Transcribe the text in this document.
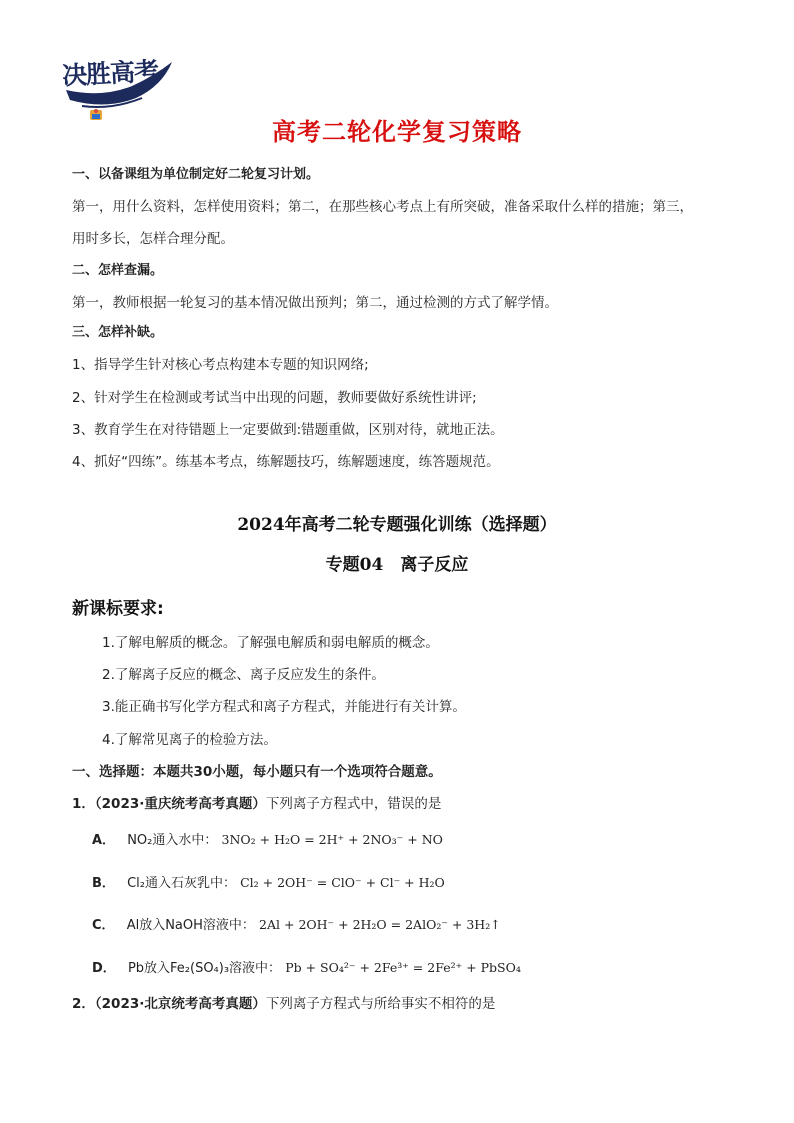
决胜高考
高考二轮化学复习策略
一、以备课组为单位制定好二轮复习计划。
第一，用什么资料，怎样使用资料；第二，在那些核心考点上有所突破，准备采取什么样的措施；第三，
用时多长，怎样合理分配。
二、怎样查漏。
第一，教师根据一轮复习的基本情况做出预判；第二，通过检测的方式了解学情。
三、怎样补缺。
1、指导学生针对核心考点构建本专题的知识网络;
2、针对学生在检测或考试当中出现的问题，教师要做好系统性讲评;
3、教育学生在对待错题上一定要做到:错题重做，区别对待，就地正法。
4、抓好“四练”。练基本考点，练解题技巧，练解题速度，练答题规范。
2024年高考二轮专题强化训练（选择题）
专题04　离子反应
新课标要求:
1.了解电解质的概念。了解强电解质和弱电解质的概念。
2.了解离子反应的概念、离子反应发生的条件。
3.能正确书写化学方程式和离子方程式，并能进行有关计算。
4.了解常见离子的检验方法。
一、选择题：本题共30小题，每小题只有一个选项符合题意。
1．（2023·重庆统考高考真题）下列离子方程式中，错误的是
A． NO₂通入水中： 3NO₂ + H₂O = 2H⁺ + 2NO₃⁻ + NO
B． Cl₂通入石灰乳中： Cl₂ + 2OH⁻ = ClO⁻ + Cl⁻ + H₂O
C． Al放入NaOH溶液中： 2Al + 2OH⁻ + 2H₂O = 2AlO₂⁻ + 3H₂↑
D． Pb放入Fe₂(SO₄)₃溶液中： Pb + SO₄²⁻ + 2Fe³⁺ = 2Fe²⁺ + PbSO₄
2．（2023·北京统考高考真题）下列离子方程式与所给事实不相符的是
